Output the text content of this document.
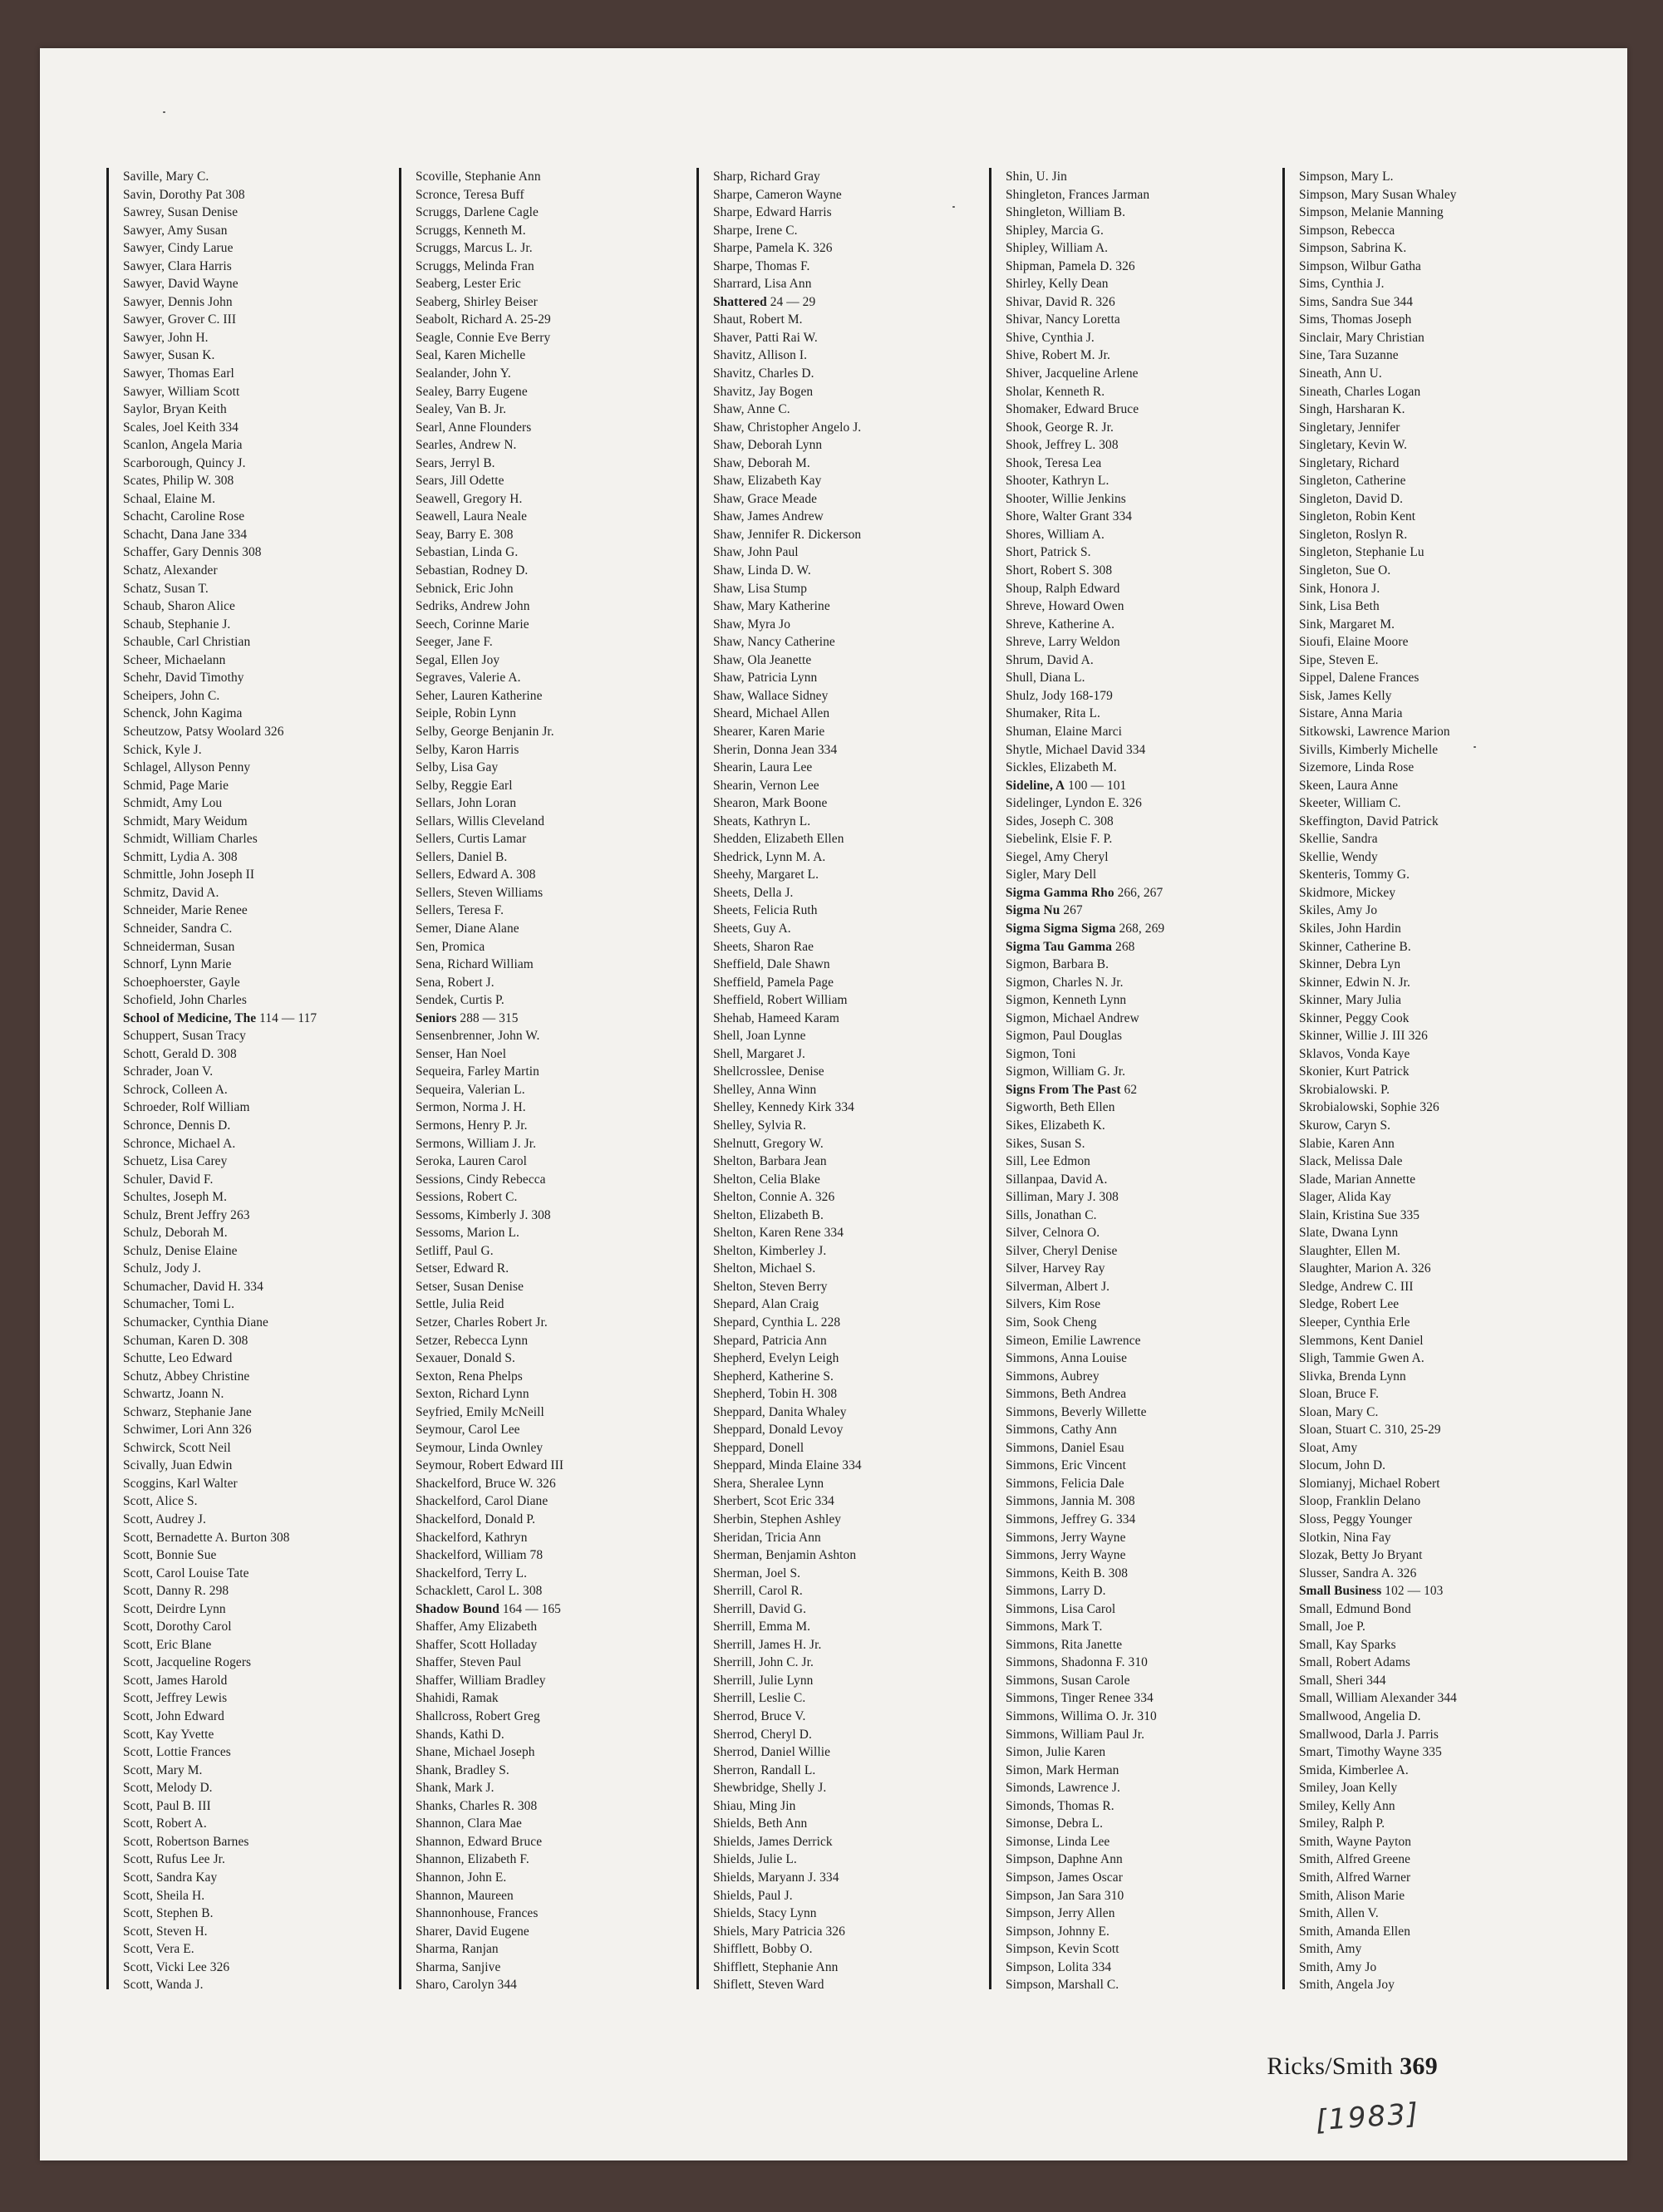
Saville, Mary C.
Savin, Dorothy Pat 308
Sawrey, Susan Denise
Sawyer, Amy Susan
Sawyer, Cindy Larue
Sawyer, Clara Harris
Sawyer, David Wayne
Sawyer, Dennis John
Sawyer, Grover C. III
Sawyer, John H.
Sawyer, Susan K.
Sawyer, Thomas Earl
Sawyer, William Scott
Saylor, Bryan Keith
Scales, Joel Keith 334
Scanlon, Angela Maria
Scarborough, Quincy J.
Scates, Philip W. 308
Schaal, Elaine M.
Schacht, Caroline Rose
Schacht, Dana Jane 334
Schaffer, Gary Dennis 308
Schatz, Alexander
Schatz, Susan T.
Schaub, Sharon Alice
Schaub, Stephanie J.
Schauble, Carl Christian
Scheer, Michaelann
Schehr, David Timothy
Scheipers, John C.
Schenck, John Kagima
Scheutzow, Patsy Woolard 326
Schick, Kyle J.
Schlagel, Allyson Penny
Schmid, Page Marie
Schmidt, Amy Lou
Schmidt, Mary Weidum
Schmidt, William Charles
Schmitt, Lydia A. 308
Schmittle, John Joseph II
Schmitz, David A.
Schneider, Marie Renee
Schneider, Sandra C.
Schneiderman, Susan
Schnorf, Lynn Marie
Schoephoerster, Gayle
Schofield, John Charles
School of Medicine, The 114 — 117
Schuppert, Susan Tracy
Schott, Gerald D. 308
Schrader, Joan V.
Schrock, Colleen A.
Schroeder, Rolf William
Schronce, Dennis D.
Schronce, Michael A.
Schuetz, Lisa Carey
Schuler, David F.
Schultes, Joseph M.
Schulz, Brent Jeffry 263
Schulz, Deborah M.
Schulz, Denise Elaine
Schulz, Jody J.
Schumacher, David H. 334
Schumacher, Tomi L.
Schumacker, Cynthia Diane
Schuman, Karen D. 308
Schutte, Leo Edward
Schutz, Abbey Christine
Schwartz, Joann N.
Schwarz, Stephanie Jane
Schwimer, Lori Ann 326
Schwirck, Scott Neil
Scivally, Juan Edwin
Scoggins, Karl Walter
Scott, Alice S.
Scott, Audrey J.
Scott, Bernadette A. Burton 308
Scott, Bonnie Sue
Scott, Carol Louise Tate
Scott, Danny R. 298
Scott, Deirdre Lynn
Scott, Dorothy Carol
Scott, Eric Blane
Scott, Jacqueline Rogers
Scott, James Harold
Scott, Jeffrey Lewis
Scott, John Edward
Scott, Kay Yvette
Scott, Lottie Frances
Scott, Mary M.
Scott, Melody D.
Scott, Paul B. III
Scott, Robert A.
Scott, Robertson Barnes
Scott, Rufus Lee Jr.
Scott, Sandra Kay
Scott, Sheila H.
Scott, Stephen B.
Scott, Steven H.
Scott, Vera E.
Scott, Vicki Lee 326
Scott, Wanda J.
Scoville, Stephanie Ann
Scronce, Teresa Buff
Scruggs, Darlene Cagle
Scruggs, Kenneth M.
Scruggs, Marcus L. Jr.
Scruggs, Melinda Fran
Seaberg, Lester Eric
Seaberg, Shirley Beiser
Seabolt, Richard A. 25-29
Seagle, Connie Eve Berry
Seal, Karen Michelle
Sealander, John Y.
Sealey, Barry Eugene
Sealey, Van B. Jr.
Searl, Anne Flounders
Searles, Andrew N.
Sears, Jerryl B.
Sears, Jill Odette
Seawell, Gregory H.
Seawell, Laura Neale
Seay, Barry E. 308
Sebastian, Linda G.
Sebastian, Rodney D.
Sebnick, Eric John
Sedriks, Andrew John
Seech, Corinne Marie
Seeger, Jane F.
Segal, Ellen Joy
Segraves, Valerie A.
Seher, Lauren Katherine
Seiple, Robin Lynn
Selby, George Benjanin Jr.
Selby, Karon Harris
Selby, Lisa Gay
Selby, Reggie Earl
Sellars, John Loran
Sellars, Willis Cleveland
Sellers, Curtis Lamar
Sellers, Daniel B.
Sellers, Edward A. 308
Sellers, Steven Williams
Sellers, Teresa F.
Semer, Diane Alane
Sen, Promica
Sena, Richard William
Sena, Robert J.
Sendek, Curtis P.
Seniors 288 — 315
Sensenbrenner, John W.
Senser, Han Noel
Sequeira, Farley Martin
Sequeira, Valerian L.
Sermon, Norma J. H.
Sermons, Henry P. Jr.
Sermons, William J. Jr.
Seroka, Lauren Carol
Sessions, Cindy Rebecca
Sessions, Robert C.
Sessoms, Kimberly J. 308
Sessoms, Marion L.
Setliff, Paul G.
Setser, Edward R.
Setser, Susan Denise
Settle, Julia Reid
Setzer, Charles Robert Jr.
Setzer, Rebecca Lynn
Sexauer, Donald S.
Sexton, Rena Phelps
Sexton, Richard Lynn
Seyfried, Emily McNeill
Seymour, Carol Lee
Seymour, Linda Ownley
Seymour, Robert Edward III
Shackelford, Bruce W. 326
Shackelford, Carol Diane
Shackelford, Donald P.
Shackelford, Kathryn
Shackelford, William 78
Shackelford, Terry L.
Schacklett, Carol L. 308
Shadow Bound 164 — 165
Shaffer, Amy Elizabeth
Shaffer, Scott Holladay
Shaffer, Steven Paul
Shaffer, William Bradley
Shahidi, Ramak
Shallcross, Robert Greg
Shands, Kathi D.
Shane, Michael Joseph
Shank, Bradley S.
Shank, Mark J.
Shanks, Charles R. 308
Shannon, Clara Mae
Shannon, Edward Bruce
Shannon, Elizabeth F.
Shannon, John E.
Shannon, Maureen
Shannonhouse, Frances
Sharer, David Eugene
Sharma, Ranjan
Sharma, Sanjive
Sharo, Carolyn 344
Sharp, Richard Gray
Sharpe, Cameron Wayne
Sharpe, Edward Harris
Sharpe, Irene C.
Sharpe, Pamela K. 326
Sharpe, Thomas F.
Sharrard, Lisa Ann
Shattered 24 — 29
Shaut, Robert M.
Shaver, Patti Rai W.
Shavitz, Allison I.
Shavitz, Charles D.
Shavitz, Jay Bogen
Shaw, Anne C.
Shaw, Christopher Angelo J.
Shaw, Deborah Lynn
Shaw, Deborah M.
Shaw, Elizabeth Kay
Shaw, Grace Meade
Shaw, James Andrew
Shaw, Jennifer R. Dickerson
Shaw, John Paul
Shaw, Linda D. W.
Shaw, Lisa Stump
Shaw, Mary Katherine
Shaw, Myra Jo
Shaw, Nancy Catherine
Shaw, Ola Jeanette
Shaw, Patricia Lynn
Shaw, Wallace Sidney
Sheard, Michael Allen
Shearer, Karen Marie
Sherin, Donna Jean 334
Shearin, Laura Lee
Shearin, Vernon Lee
Shearon, Mark Boone
Sheats, Kathryn L.
Shedden, Elizabeth Ellen
Shedrick, Lynn M. A.
Sheehy, Margaret L.
Sheets, Della J.
Sheets, Felicia Ruth
Sheets, Guy A.
Sheets, Sharon Rae
Sheffield, Dale Shawn
Sheffield, Pamela Page
Sheffield, Robert William
Shehab, Hameed Karam
Shell, Joan Lynne
Shell, Margaret J.
Shellcrosslee, Denise
Shelley, Anna Winn
Shelley, Kennedy Kirk 334
Shelley, Sylvia R.
Shelnutt, Gregory W.
Shelton, Barbara Jean
Shelton, Celia Blake
Shelton, Connie A. 326
Shelton, Elizabeth B.
Shelton, Karen Rene 334
Shelton, Kimberley J.
Shelton, Michael S.
Shelton, Steven Berry
Shepard, Alan Craig
Shepard, Cynthia L. 228
Shepard, Patricia Ann
Shepherd, Evelyn Leigh
Shepherd, Katherine S.
Shepherd, Tobin H. 308
Sheppard, Danita Whaley
Sheppard, Donald Levoy
Sheppard, Donell
Sheppard, Minda Elaine 334
Shera, Sheralee Lynn
Sherbert, Scot Eric 334
Sherbin, Stephen Ashley
Sheridan, Tricia Ann
Sherman, Benjamin Ashton
Sherman, Joel S.
Sherrill, Carol R.
Sherrill, David G.
Sherrill, Emma M.
Sherrill, James H. Jr.
Sherrill, John C. Jr.
Sherrill, Julie Lynn
Sherrill, Leslie C.
Sherrod, Bruce V.
Sherrod, Cheryl D.
Sherrod, Daniel Willie
Sherron, Randall L.
Shewbridge, Shelly J.
Shiau, Ming Jin
Shields, Beth Ann
Shields, James Derrick
Shields, Julie L.
Shields, Maryann J. 334
Shields, Paul J.
Shields, Stacy Lynn
Shiels, Mary Patricia 326
Shifflett, Bobby O.
Shifflett, Stephanie Ann
Shiflett, Steven Ward
Shin, U. Jin
Shingleton, Frances Jarman
Shingleton, William B.
Shipley, Marcia G.
Shipley, William A.
Shipman, Pamela D. 326
Shirley, Kelly Dean
Shivar, David R. 326
Shivar, Nancy Loretta
Shive, Cynthia J.
Shive, Robert M. Jr.
Shiver, Jacqueline Arlene
Sholar, Kenneth R.
Shomaker, Edward Bruce
Shook, George R. Jr.
Shook, Jeffrey L. 308
Shook, Teresa Lea
Shooter, Kathryn L.
Shooter, Willie Jenkins
Shore, Walter Grant 334
Shores, William A.
Short, Patrick S.
Short, Robert S. 308
Shoup, Ralph Edward
Shreve, Howard Owen
Shreve, Katherine A.
Shreve, Larry Weldon
Shrum, David A.
Shull, Diana L.
Shulz, Jody 168-179
Shumaker, Rita L.
Shuman, Elaine Marci
Shytle, Michael David 334
Sickles, Elizabeth M.
Sideline, A 100 — 101
Sidelinger, Lyndon E. 326
Sides, Joseph C. 308
Siebelink, Elsie F. P.
Siegel, Amy Cheryl
Sigler, Mary Dell
Sigma Gamma Rho 266, 267
Sigma Nu 267
Sigma Sigma Sigma 268, 269
Sigma Tau Gamma 268
Sigmon, Barbara B.
Sigmon, Charles N. Jr.
Sigmon, Kenneth Lynn
Sigmon, Michael Andrew
Sigmon, Paul Douglas
Sigmon, Toni
Sigmon, William G. Jr.
Signs From The Past 62
Sigworth, Beth Ellen
Sikes, Elizabeth K.
Sikes, Susan S.
Sill, Lee Edmon
Sillanpaa, David A.
Silliman, Mary J. 308
Sills, Jonathan C.
Silver, Celnora O.
Silver, Cheryl Denise
Silver, Harvey Ray
Silverman, Albert J.
Silvers, Kim Rose
Sim, Sook Cheng
Simeon, Emilie Lawrence
Simmons, Anna Louise
Simmons, Aubrey
Simmons, Beth Andrea
Simmons, Beverly Willette
Simmons, Cathy Ann
Simmons, Daniel Esau
Simmons, Eric Vincent
Simmons, Felicia Dale
Simmons, Jannia M. 308
Simmons, Jeffrey G. 334
Simmons, Jerry Wayne
Simmons, Jerry Wayne
Simmons, Keith B. 308
Simmons, Larry D.
Simmons, Lisa Carol
Simmons, Mark T.
Simmons, Rita Janette
Simmons, Shadonna F. 310
Simmons, Susan Carole
Simmons, Tinger Renee 334
Simmons, Willima O. Jr. 310
Simmons, William Paul Jr.
Simon, Julie Karen
Simon, Mark Herman
Simonds, Lawrence J.
Simonds, Thomas R.
Simonse, Debra L.
Simonse, Linda Lee
Simpson, Daphne Ann
Simpson, James Oscar
Simpson, Jan Sara 310
Simpson, Jerry Allen
Simpson, Johnny E.
Simpson, Kevin Scott
Simpson, Lolita 334
Simpson, Marshall C.
Simpson, Mary L.
Simpson, Mary Susan Whaley
Simpson, Melanie Manning
Simpson, Rebecca
Simpson, Sabrina K.
Simpson, Wilbur Gatha
Sims, Cynthia J.
Sims, Sandra Sue 344
Sims, Thomas Joseph
Sinclair, Mary Christian
Sine, Tara Suzanne
Sineath, Ann U.
Sineath, Charles Logan
Singh, Harsharan K.
Singletary, Jennifer
Singletary, Kevin W.
Singletary, Richard
Singleton, Catherine
Singleton, David D.
Singleton, Robin Kent
Singleton, Roslyn R.
Singleton, Stephanie Lu
Singleton, Sue O.
Sink, Honora J.
Sink, Lisa Beth
Sink, Margaret M.
Sioufi, Elaine Moore
Sipe, Steven E.
Sippel, Dalene Frances
Sisk, James Kelly
Sistare, Anna Maria
Sitkowski, Lawrence Marion
Sivills, Kimberly Michelle
Sizemore, Linda Rose
Skeen, Laura Anne
Skeeter, William C.
Skeffington, David Patrick
Skellie, Sandra
Skellie, Wendy
Skenteris, Tommy G.
Skidmore, Mickey
Skiles, Amy Jo
Skiles, John Hardin
Skinner, Catherine B.
Skinner, Debra Lyn
Skinner, Edwin N. Jr.
Skinner, Mary Julia
Skinner, Peggy Cook
Skinner, Willie J. III 326
Sklavos, Vonda Kaye
Skonier, Kurt Patrick
Skrobialowski. P.
Skrobialowski, Sophie 326
Skurow, Caryn S.
Slabie, Karen Ann
Slack, Melissa Dale
Slade, Marian Annette
Slager, Alida Kay
Slain, Kristina Sue 335
Slate, Dwana Lynn
Slaughter, Ellen M.
Slaughter, Marion A. 326
Sledge, Andrew C. III
Sledge, Robert Lee
Sleeper, Cynthia Erle
Slemmons, Kent Daniel
Sligh, Tammie Gwen A.
Slivka, Brenda Lynn
Sloan, Bruce F.
Sloan, Mary C.
Sloan, Stuart C. 310, 25-29
Sloat, Amy
Slocum, John D.
Slomianyj, Michael Robert
Sloop, Franklin Delano
Sloss, Peggy Younger
Slotkin, Nina Fay
Slozak, Betty Jo Bryant
Slusser, Sandra A. 326
Small Business 102 — 103
Small, Edmund Bond
Small, Joe P.
Small, Kay Sparks
Small, Robert Adams
Small, Sheri 344
Small, William Alexander 344
Smallwood, Angelia D.
Smallwood, Darla J. Parris
Smart, Timothy Wayne 335
Smida, Kimberlee A.
Smiley, Joan Kelly
Smiley, Kelly Ann
Smiley, Ralph P.
Smith, Wayne Payton
Smith, Alfred Greene
Smith, Alfred Warner
Smith, Alison Marie
Smith, Allen V.
Smith, Amanda Ellen
Smith, Amy
Smith, Amy Jo
Smith, Angela Joy
Ricks/Smith 369
[1983]
